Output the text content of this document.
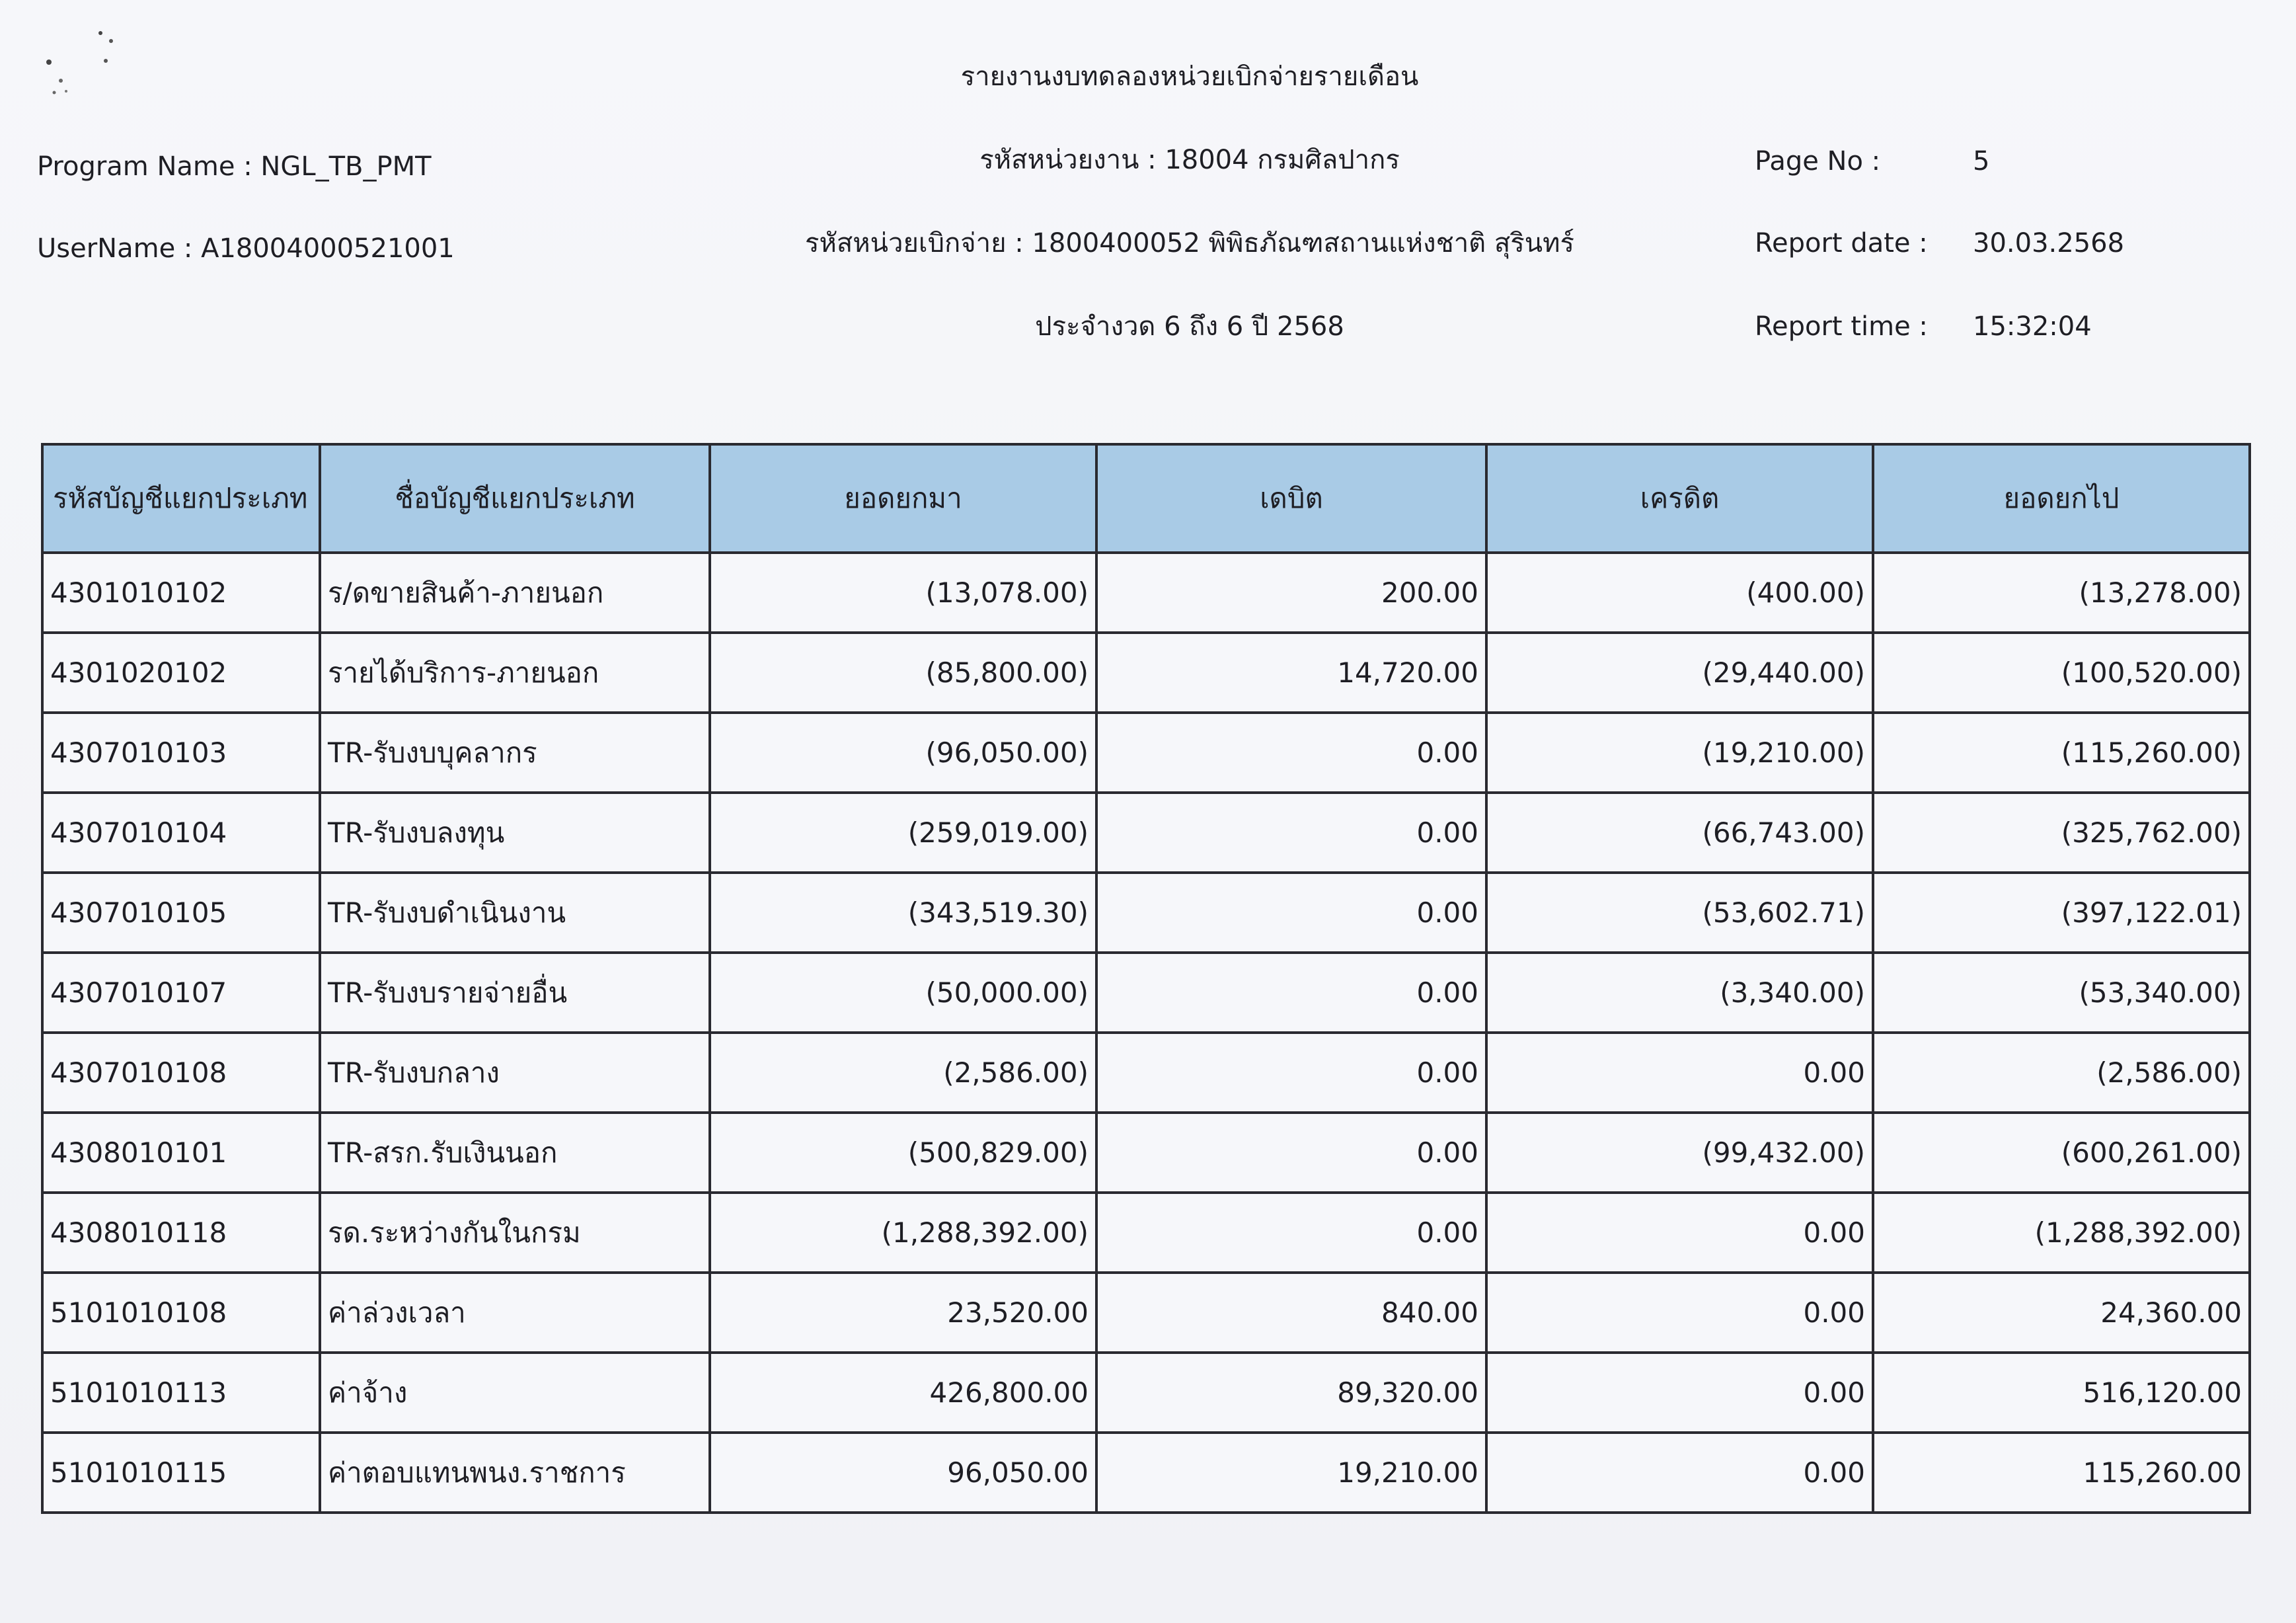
รายงานงบทดลองหน่วยเบิกจ่ายรายเดือน
รหัสหน่วยงาน : 18004 กรมศิลปากร
รหัสหน่วยเบิกจ่าย : 1800400052 พิพิธภัณฑสถานแห่งชาติ สุรินทร์
ประจำงวด 6 ถึง 6 ปี 2568
Program Name : NGL_TB_PMT
UserName : A18004000521001
Page No :	5
Report date : 30.03.2568
Report time : 15:32:04
รหัสบัญชีแยกประเภท	ชื่อบัญชีแยกประเภท	ยอดยกมา	เดบิต	เครดิต	ยอดยกไป
4301010102	ร/ดขายสินค้า-ภายนอก	(13,078.00)	200.00	(400.00)	(13,278.00)
4301020102	รายได้บริการ-ภายนอก	(85,800.00)	14,720.00	(29,440.00)	(100,520.00)
4307010103	TR-รับงบบุคลากร	(96,050.00)	0.00	(19,210.00)	(115,260.00)
4307010104	TR-รับงบลงทุน	(259,019.00)	0.00	(66,743.00)	(325,762.00)
4307010105	TR-รับงบดำเนินงาน	(343,519.30)	0.00	(53,602.71)	(397,122.01)
4307010107	TR-รับงบรายจ่ายอื่น	(50,000.00)	0.00	(3,340.00)	(53,340.00)
4307010108	TR-รับงบกลาง	(2,586.00)	0.00	0.00	(2,586.00)
4308010101	TR-สรก.รับเงินนอก	(500,829.00)	0.00	(99,432.00)	(600,261.00)
4308010118	รด.ระหว่างกันในกรม	(1,288,392.00)	0.00	0.00	(1,288,392.00)
5101010108	ค่าล่วงเวลา	23,520.00	840.00	0.00	24,360.00
5101010113	ค่าจ้าง	426,800.00	89,320.00	0.00	516,120.00
5101010115	ค่าตอบแทนพนง.ราชการ	96,050.00	19,210.00	0.00	115,260.00
